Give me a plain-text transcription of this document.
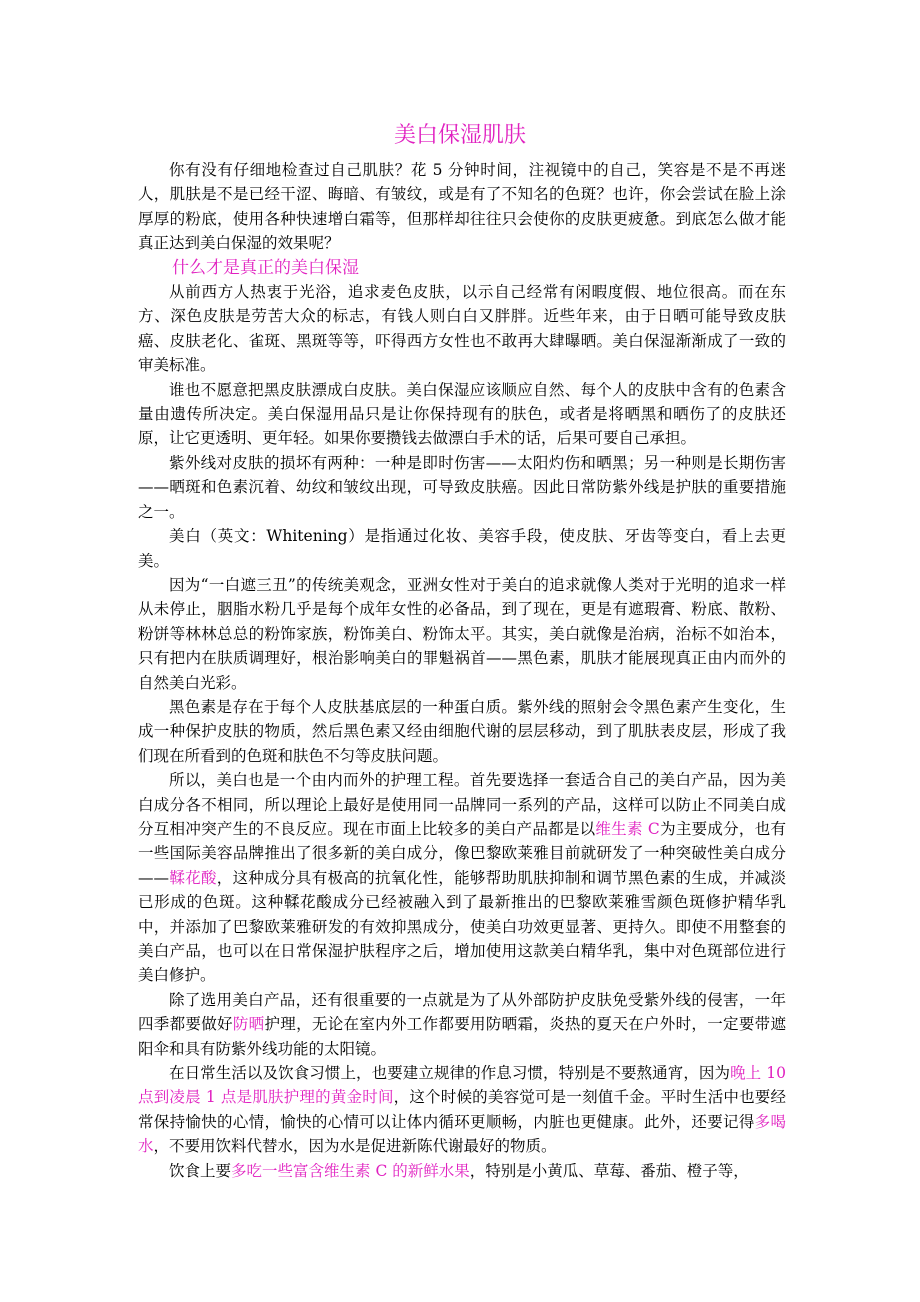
美白保湿肌肤

你有没有仔细地检查过自己肌肤？花 5 分钟时间，注视镜中的自己，笑容是不是不再迷人，肌肤是不是已经干涩、晦暗、有皱纹，或是有了不知名的色斑？也许，你会尝试在脸上涂厚厚的粉底，使用各种快速增白霜等，但那样却往往只会使你的皮肤更疲惫。到底怎么做才能真正达到美白保湿的效果呢？

什么才是真正的美白保湿

从前西方人热衷于光浴，追求麦色皮肤，以示自己经常有闲暇度假、地位很高。而在东方、深色皮肤是劳苦大众的标志，有钱人则白白又胖胖。近些年来，由于日晒可能导致皮肤癌、皮肤老化、雀斑、黑斑等等，吓得西方女性也不敢再大肆曝晒。美白保湿渐渐成了一致的审美标准。

谁也不愿意把黑皮肤漂成白皮肤。美白保湿应该顺应自然、每个人的皮肤中含有的色素含量由遗传所决定。美白保湿用品只是让你保持现有的肤色，或者是将晒黑和晒伤了的皮肤还原，让它更透明、更年轻。如果你要攒钱去做漂白手术的话，后果可要自己承担。

紫外线对皮肤的损坏有两种：一种是即时伤害——太阳灼伤和晒黑；另一种则是长期伤害——晒斑和色素沉着、幼纹和皱纹出现，可导致皮肤癌。因此日常防紫外线是护肤的重要措施之一。

美白（英文：Whitening）是指通过化妆、美容手段，使皮肤、牙齿等变白，看上去更美。

因为“一白遮三丑”的传统美观念，亚洲女性对于美白的追求就像人类对于光明的追求一样从未停止，胭脂水粉几乎是每个成年女性的必备品，到了现在，更是有遮瑕膏、粉底、散粉、粉饼等林林总总的粉饰家族，粉饰美白、粉饰太平。其实，美白就像是治病，治标不如治本，只有把内在肤质调理好，根治影响美白的罪魁祸首——黑色素，肌肤才能展现真正由内而外的自然美白光彩。

黑色素是存在于每个人皮肤基底层的一种蛋白质。紫外线的照射会令黑色素产生变化，生成一种保护皮肤的物质，然后黑色素又经由细胞代谢的层层移动，到了肌肤表皮层，形成了我们现在所看到的色斑和肤色不匀等皮肤问题。

所以，美白也是一个由内而外的护理工程。首先要选择一套适合自己的美白产品，因为美白成分各不相同，所以理论上最好是使用同一品牌同一系列的产品，这样可以防止不同美白成分互相冲突产生的不良反应。现在市面上比较多的美白产品都是以维生素 C为主要成分，也有一些国际美容品牌推出了很多新的美白成分，像巴黎欧莱雅目前就研发了一种突破性美白成分——鞣花酸，这种成分具有极高的抗氧化性，能够帮助肌肤抑制和调节黑色素的生成，并减淡已形成的色斑。这种鞣花酸成分已经被融入到了最新推出的巴黎欧莱雅雪颜色斑修护精华乳中，并添加了巴黎欧莱雅研发的有效抑黑成分，使美白功效更显著、更持久。即使不用整套的美白产品，也可以在日常保湿护肤程序之后，增加使用这款美白精华乳，集中对色斑部位进行美白修护。

除了选用美白产品，还有很重要的一点就是为了从外部防护皮肤免受紫外线的侵害，一年四季都要做好防晒护理，无论在室内外工作都要用防晒霜，炎热的夏天在户外时，一定要带遮阳伞和具有防紫外线功能的太阳镜。

在日常生活以及饮食习惯上，也要建立规律的作息习惯，特别是不要熬通宵，因为晚上 10 点到凌晨 1 点是肌肤护理的黄金时间，这个时候的美容觉可是一刻值千金。平时生活中也要经常保持愉快的心情，愉快的心情可以让体内循环更顺畅，内脏也更健康。此外，还要记得多喝水，不要用饮料代替水，因为水是促进新陈代谢最好的物质。

饮食上要多吃一些富含维生素 C 的新鲜水果，特别是小黄瓜、草莓、番茄、橙子等，
